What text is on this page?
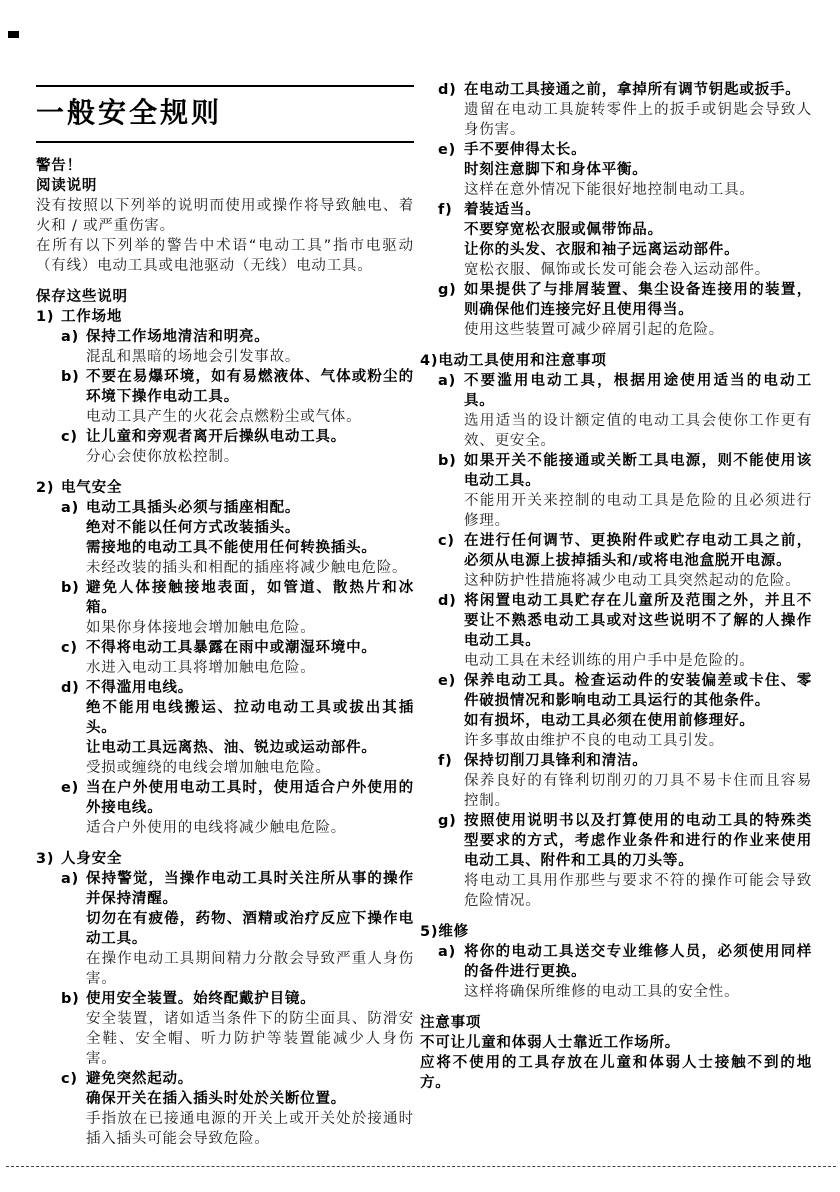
一般安全规则

警告！

阅读说明

没有按照以下列举的说明而使用或操作将导致触电、着火和 / 或严重伤害。

在所有以下列举的警告中术语“电动工具”指市电驱动（有线）电动工具或电池驱动（无线）电动工具。

保存这些说明

1) 工作场地
a) 保持工作场地清洁和明亮。

混乱和黑暗的场地会引发事故。

b) 不要在易爆环境，如有易燃液体、气体或粉尘的环境下操作电动工具。

电动工具产生的火花会点燃粉尘或气体。

c) 让儿童和旁观者离开后操纵电动工具。

分心会使你放松控制。

2) 电气安全
a) 电动工具插头必须与插座相配。

绝对不能以任何方式改装插头。

需接地的电动工具不能使用任何转换插头。

未经改装的插头和相配的插座将减少触电危险。

b) 避免人体接触接地表面，如管道、散热片和冰箱。

如果你身体接地会增加触电危险。

c) 不得将电动工具暴露在雨中或潮湿环境中。

水进入电动工具将增加触电危险。

d) 不得滥用电线。

绝不能用电线搬运、拉动电动工具或拔出其插头。

让电动工具远离热、油、锐边或运动部件。

受损或缠绕的电线会增加触电危险。

e) 当在户外使用电动工具时，使用适合户外使用的外接电线。

适合户外使用的电线将减少触电危险。

3) 人身安全
a) 保持警觉，当操作电动工具时关注所从事的操作并保持清醒。

切勿在有疲倦，药物、酒精或治疗反应下操作电动工具。

在操作电动工具期间精力分散会导致严重人身伤害。

b) 使用安全装置。始终配戴护目镜。

安全装置，诸如适当条件下的防尘面具、防滑安全鞋、安全帽、听力防护等装置能减少人身伤害。

c) 避免突然起动。

确保开关在插入插头时处於关断位置。

手指放在已接通电源的开关上或开关处於接通时插入插头可能会导致危险。

d) 在电动工具接通之前，拿掉所有调节钥匙或扳手。

遗留在电动工具旋转零件上的扳手或钥匙会导致人身伤害。

e) 手不要伸得太长。

时刻注意脚下和身体平衡。

这样在意外情况下能很好地控制电动工具。

f) 着装适当。

不要穿宽松衣服或佩带饰品。

让你的头发、衣服和袖子远离运动部件。

宽松衣服、佩饰或长发可能会卷入运动部件。

g) 如果提供了与排屑装置、集尘设备连接用的装置，则确保他们连接完好且使用得当。

使用这些装置可减少碎屑引起的危险。

4) 电动工具使用和注意事项
a) 不要滥用电动工具，根据用途使用适当的电动工具。

选用适当的设计额定值的电动工具会使你工作更有效、更安全。

b) 如果开关不能接通或关断工具电源，则不能使用该电动工具。

不能用开关来控制的电动工具是危险的且必须进行修理。

c) 在进行任何调节、更换附件或贮存电动工具之前，必须从电源上拔掉插头和/或将电池盒脱开电源。

这种防护性措施将减少电动工具突然起动的危险。

d) 将闲置电动工具贮存在儿童所及范围之外，并且不要让不熟悉电动工具或对这些说明不了解的人操作电动工具。

电动工具在未经训练的用户手中是危险的。

e) 保养电动工具。检查运动件的安装偏差或卡住、零件破损情况和影响电动工具运行的其他条件。

如有损坏，电动工具必须在使用前修理好。

许多事故由维护不良的电动工具引发。

f) 保持切削刀具锋利和清洁。

保养良好的有锋利切削刃的刀具不易卡住而且容易控制。

g) 按照使用说明书以及打算使用的电动工具的特殊类型要求的方式，考虑作业条件和进行的作业来使用电动工具、附件和工具的刀头等。

将电动工具用作那些与要求不符的操作可能会导致危险情况。

5) 维修
a) 将你的电动工具送交专业维修人员，必须使用同样的备件进行更换。

这样将确保所维修的电动工具的安全性。

注意事项

不可让儿童和体弱人士靠近工作场所。

应将不使用的工具存放在儿童和体弱人士接触不到的地方。
